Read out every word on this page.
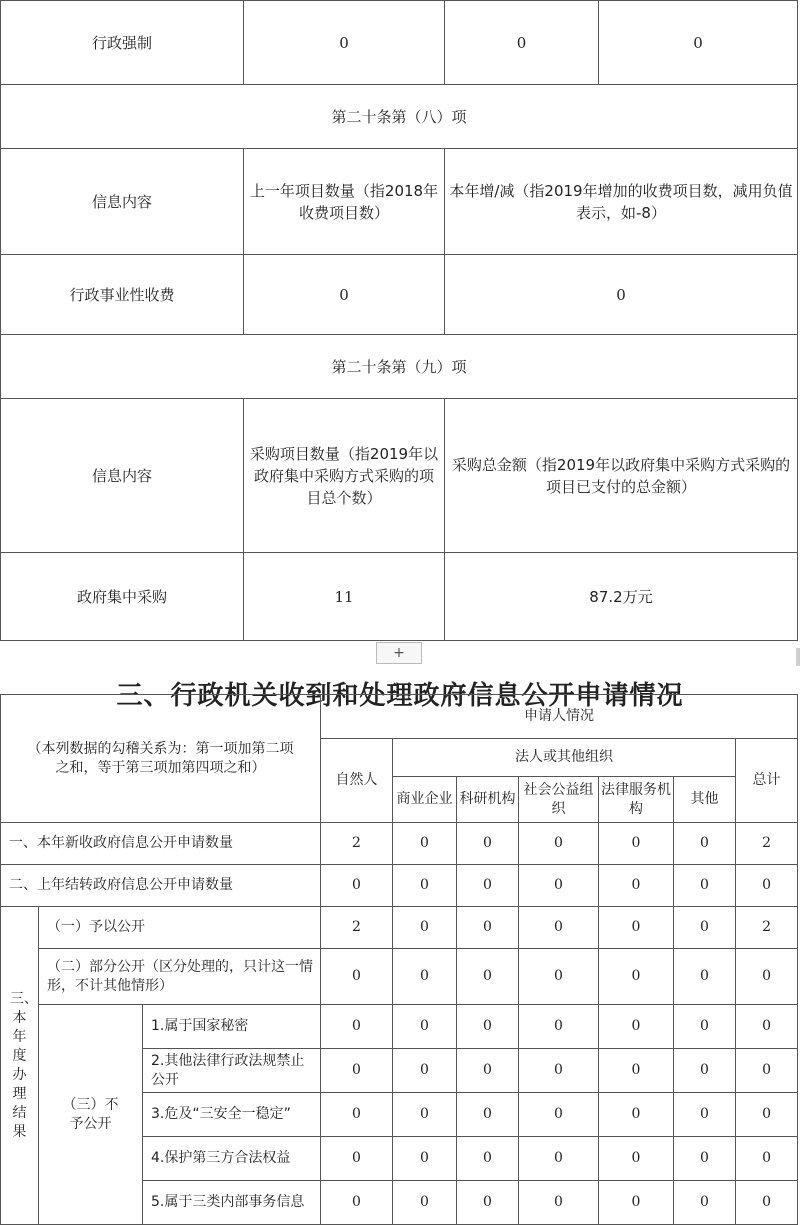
行政强制	0	0	0
第二十条第（八）项			
信息内容	上一年项目数量（指2018年收费项目数）	本年增/减（指2019年增加的收费项目数，减用负值表示，如-8）	
行政事业性收费	0	0	
第二十条第（九）项			
信息内容	采购项目数量（指2019年以政府集中采购方式采购的项目总个数）	采购总金额（指2019年以政府集中采购方式采购的项目已支付的总金额）	
政府集中采购	11	87.2万元	
+
三、行政机关收到和处理政府信息公开申请情况
（本列数据的勾稽关系为：第一项加第二项之和，等于第三项加第四项之和）			申请人情况						
			自然人	法人或其他组织					总计
				商业企业	科研机构	社会公益组织	法律服务机构	其他	
一、本年新收政府信息公开申请数量			2	0	0	0	0	0	2
二、上年结转政府信息公开申请数量			0	0	0	0	0	0	0
三、本年度办理结果	（一）予以公开		2	0	0	0	0	0	2
	（二）部分公开（区分处理的，只计这一情形，不计其他情形）		0	0	0	0	0	0	0
	（三）不予公开	1.属于国家秘密	0	0	0	0	0	0	0
		2.其他法律行政法规禁止公开	0	0	0	0	0	0	0
		3.危及“三安全一稳定”	0	0	0	0	0	0	0
		4.保护第三方合法权益	0	0	0	0	0	0	0
		5.属于三类内部事务信息	0	0	0	0	0	0	0
